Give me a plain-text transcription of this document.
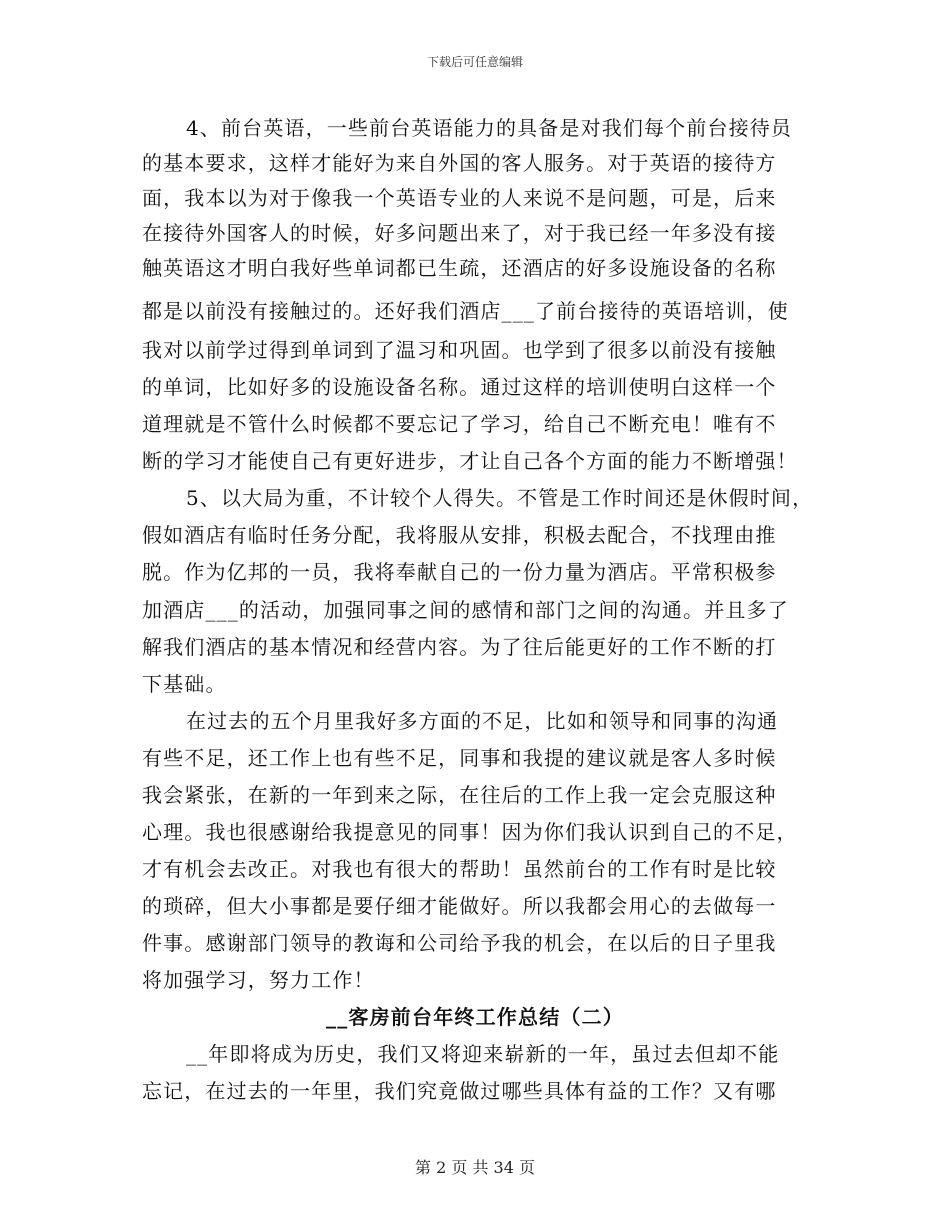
下载后可任意编辑
4、前台英语，一些前台英语能力的具备是对我们每个前台接待员
的基本要求，这样才能好为来自外国的客人服务。对于英语的接待方
面，我本以为对于像我一个英语专业的人来说不是问题，可是，后来
在接待外国客人的时候，好多问题出来了，对于我已经一年多没有接
触英语这才明白我好些单词都已生疏，还酒店的好多设施设备的名称
都是以前没有接触过的。还好我们酒店___了前台接待的英语培训，使
我对以前学过得到单词到了温习和巩固。也学到了很多以前没有接触
的单词，比如好多的设施设备名称。通过这样的培训使明白这样一个
道理就是不管什么时候都不要忘记了学习，给自己不断充电！唯有不
断的学习才能使自己有更好进步，才让自己各个方面的能力不断增强！
5、以大局为重，不计较个人得失。不管是工作时间还是休假时间，
假如酒店有临时任务分配，我将服从安排，积极去配合，不找理由推
脱。作为亿邦的一员，我将奉献自己的一份力量为酒店。平常积极参
加酒店___的活动，加强同事之间的感情和部门之间的沟通。并且多了
解我们酒店的基本情况和经营内容。为了往后能更好的工作不断的打
下基础。
在过去的五个月里我好多方面的不足，比如和领导和同事的沟通
有些不足，还工作上也有些不足，同事和我提的建议就是客人多时候
我会紧张，在新的一年到来之际，在往后的工作上我一定会克服这种
心理。我也很感谢给我提意见的同事！因为你们我认识到自己的不足，
才有机会去改正。对我也有很大的帮助！虽然前台的工作有时是比较
的琐碎，但大小事都是要仔细才能做好。所以我都会用心的去做每一
件事。感谢部门领导的教诲和公司给予我的机会，在以后的日子里我
将加强学习，努力工作！
__客房前台年终工作总结（二）
__年即将成为历史，我们又将迎来崭新的一年，虽过去但却不能
忘记，在过去的一年里，我们究竟做过哪些具体有益的工作？又有哪
第 2 页 共 34 页
